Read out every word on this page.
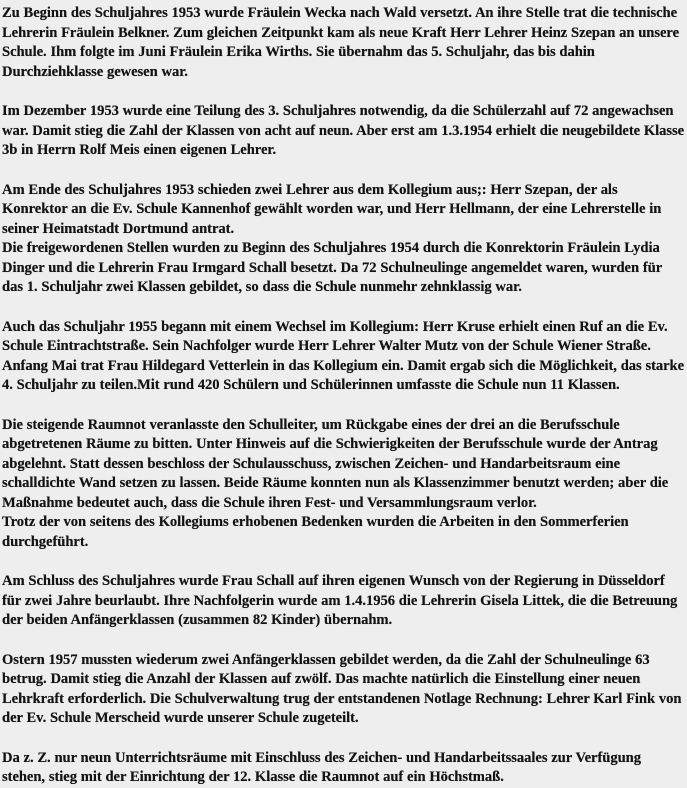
Zu Beginn des Schuljahres 1953 wurde Fräulein Wecka nach Wald versetzt. An ihre Stelle trat die technische Lehrerin Fräulein Belkner. Zum gleichen Zeitpunkt kam als neue Kraft Herr Lehrer Heinz Szepan an unsere Schule. Ihm folgte im Juni Fräulein Erika Wirths. Sie übernahm das 5. Schuljahr, das bis dahin Durchziehklasse gewesen war.

Im Dezember 1953 wurde eine Teilung des 3. Schuljahres notwendig, da die Schülerzahl auf 72 angewachsen war. Damit stieg die Zahl der Klassen von acht auf neun. Aber erst am 1.3.1954 erhielt die neugebildete Klasse 3b in Herrn Rolf Meis einen eigenen Lehrer.

Am Ende des Schuljahres 1953 schieden zwei Lehrer aus dem Kollegium aus;: Herr Szepan, der als Konrektor an die Ev. Schule Kannenhof gewählt worden war, und Herr Hellmann, der eine Lehrerstelle in seiner Heimatstadt Dortmund antrat.

Die freigewordenen Stellen wurden zu Beginn des Schuljahres 1954 durch die Konrektorin Fräulein Lydia Dinger und die Lehrerin Frau Irmgard Schall besetzt. Da 72 Schulneulinge angemeldet waren, wurden für das 1. Schuljahr zwei Klassen gebildet, so dass die Schule nunmehr zehnklassig war.

Auch das Schuljahr 1955 begann mit einem Wechsel im Kollegium: Herr Kruse erhielt einen Ruf an die Ev. Schule Eintrachtstraße. Sein Nachfolger wurde Herr Lehrer Walter Mutz von der Schule Wiener Straße. Anfang Mai trat Frau Hildegard Vetterlein in das Kollegium ein. Damit ergab sich die Möglichkeit, das starke 4. Schuljahr zu teilen.Mit rund 420 Schülern und Schülerinnen umfasste die Schule nun 11 Klassen.

Die steigende Raumnot veranlasste den Schulleiter, um Rückgabe eines der drei an die Berufsschule abgetretenen Räume zu bitten. Unter Hinweis auf die Schwierigkeiten der Berufsschule wurde der Antrag abgelehnt. Statt dessen beschloss der Schulausschuss, zwischen Zeichen- und Handarbeitsraum eine schalldichte Wand setzen zu lassen. Beide Räume konnten nun als Klassenzimmer benutzt werden; aber die Maßnahme bedeutet auch, dass die Schule ihren Fest- und Versammlungsraum verlor.

Trotz der von seitens des Kollegiums erhobenen Bedenken wurden die Arbeiten in den Sommerferien durchgeführt.

Am Schluss des Schuljahres wurde Frau Schall auf ihren eigenen Wunsch von der Regierung in Düsseldorf für zwei Jahre beurlaubt. Ihre Nachfolgerin wurde am 1.4.1956 die Lehrerin Gisela Littek, die die Betreuung der beiden Anfängerklassen (zusammen 82 Kinder) übernahm.

Ostern 1957 mussten wiederum zwei Anfängerklassen gebildet werden, da die Zahl der Schulneulinge 63 betrug. Damit stieg die Anzahl der Klassen auf zwölf. Das machte natürlich die Einstellung einer neuen Lehrkraft erforderlich. Die Schulverwaltung trug der entstandenen Notlage Rechnung: Lehrer Karl Fink von der Ev. Schule Merscheid wurde unserer Schule zugeteilt.

Da z. Z. nur neun Unterrichtsräume mit Einschluss des Zeichen- und Handarbeitssaales zur Verfügung stehen, stieg mit der Einrichtung der 12. Klasse die Raumnot auf ein Höchstmaß.
